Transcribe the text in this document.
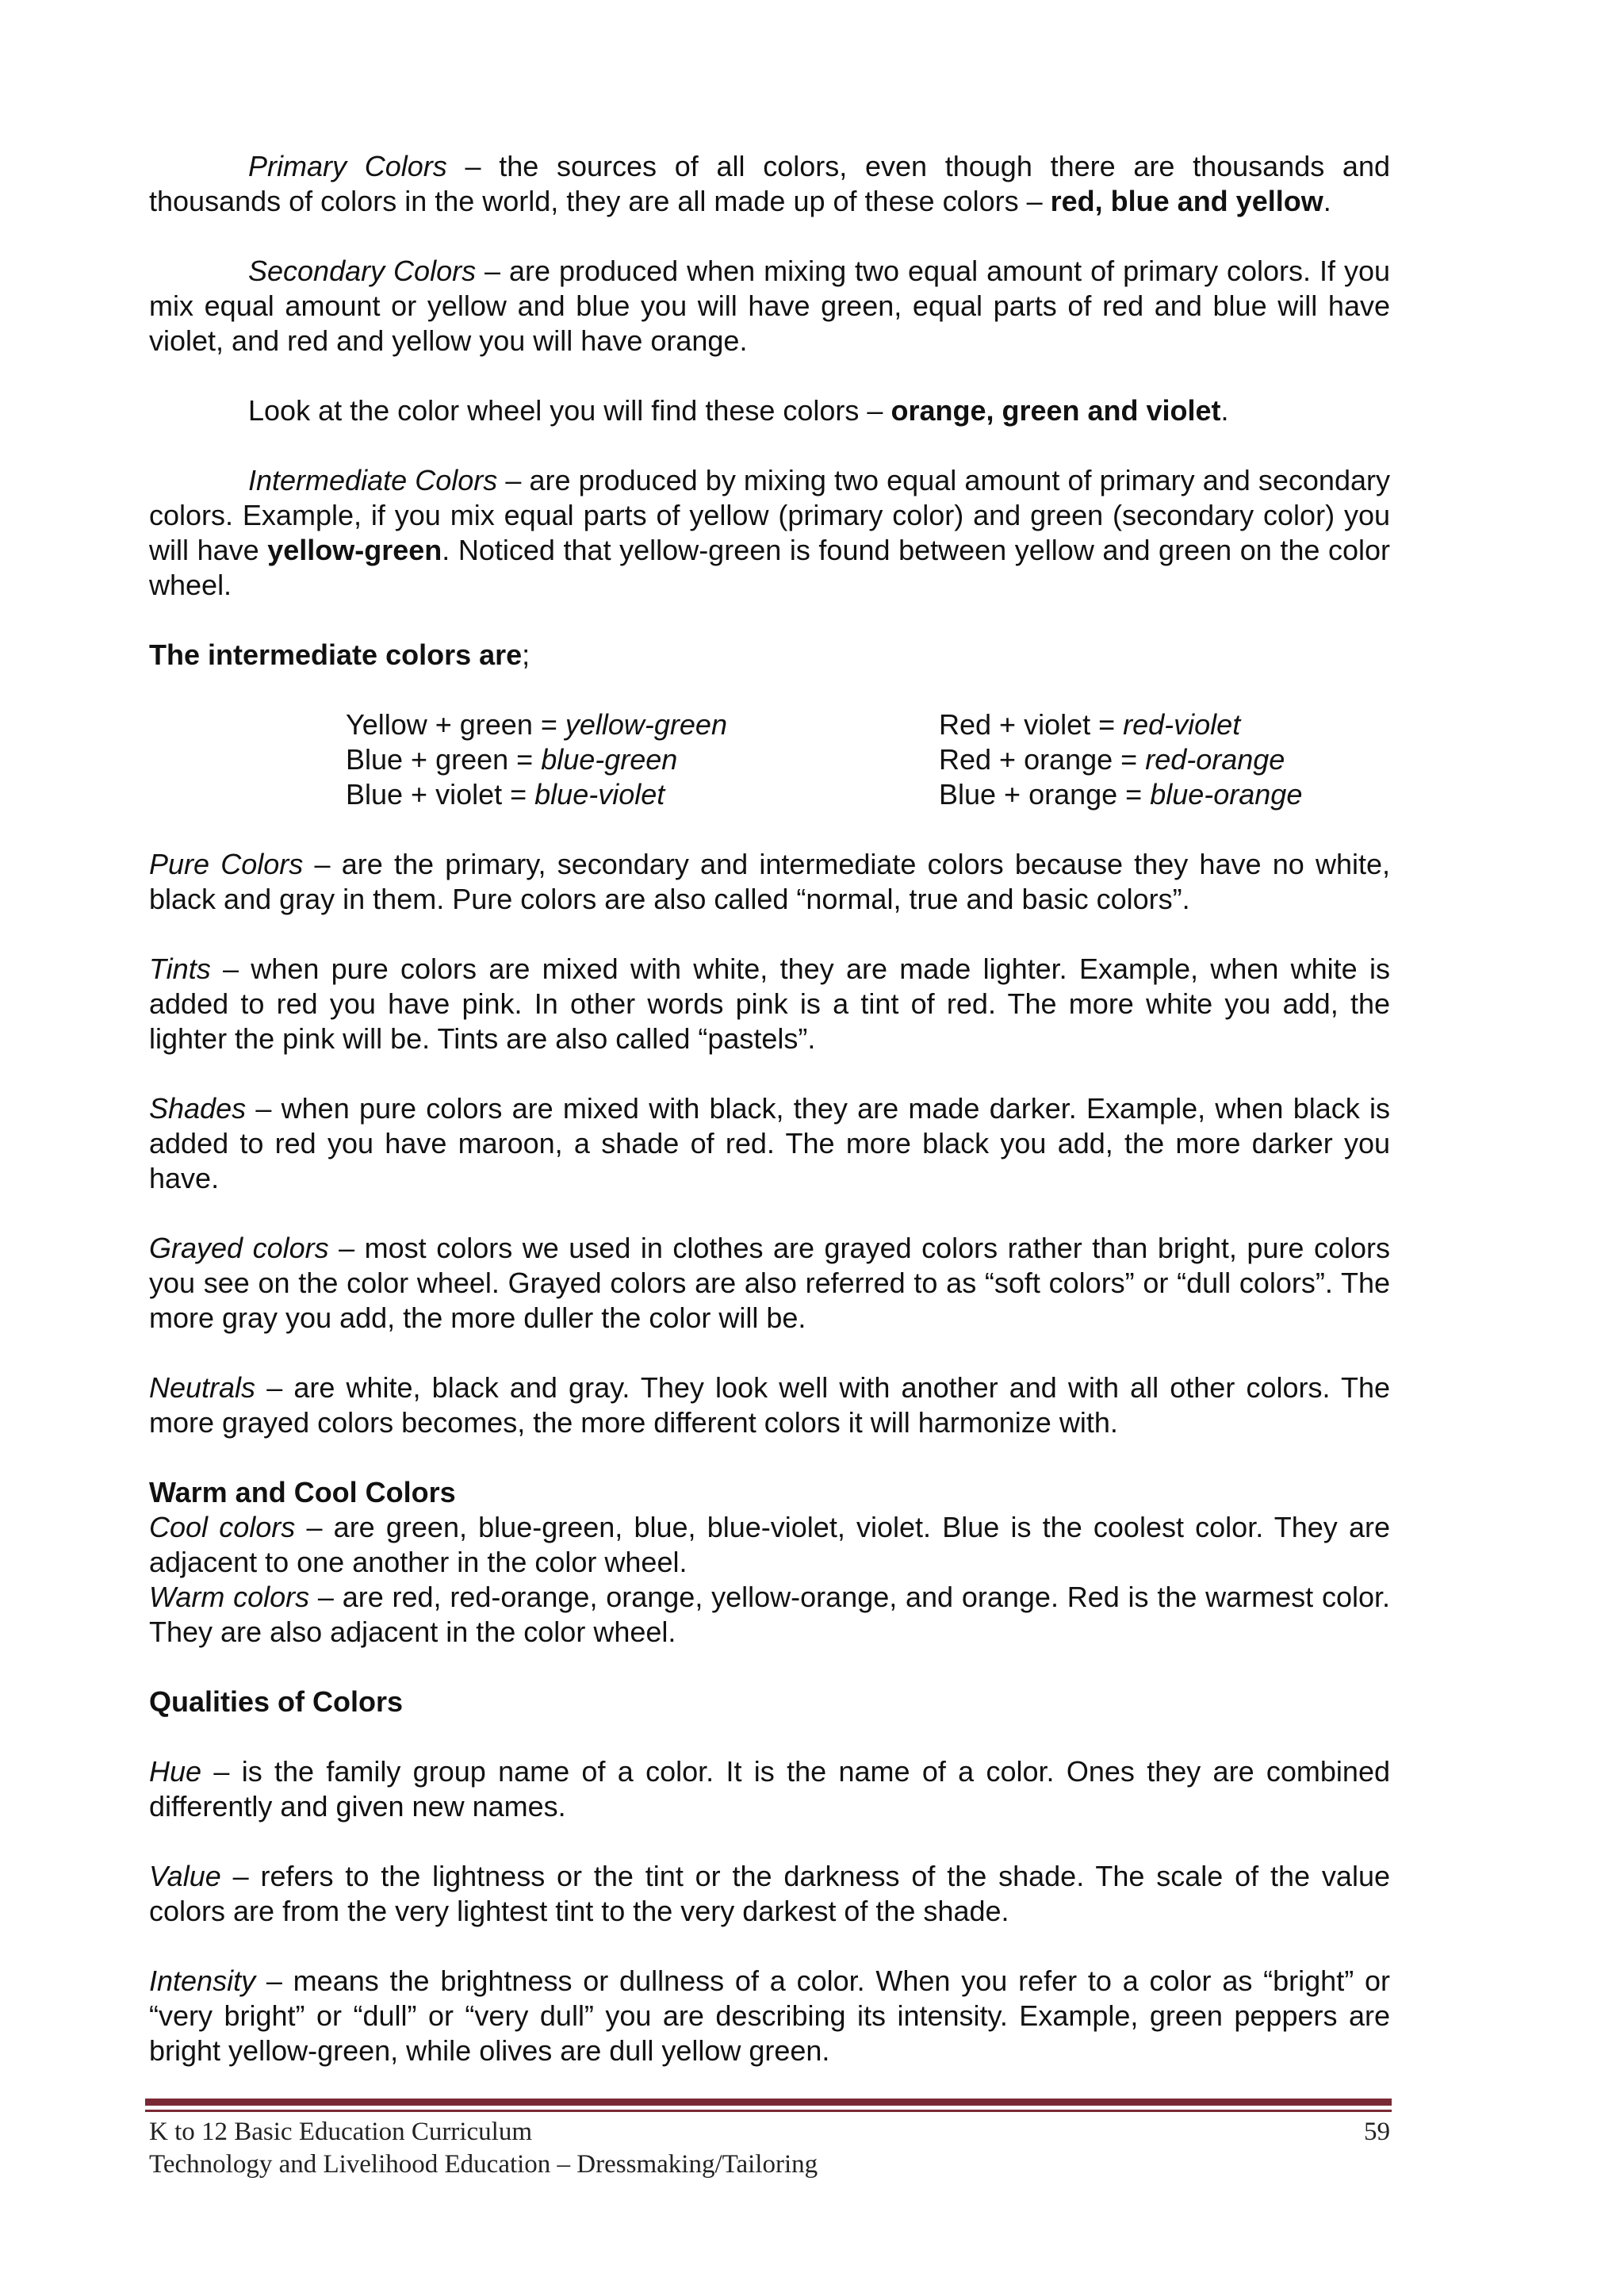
Primary Colors – the sources of all colors, even though there are thousands and thousands of colors in the world, they are all made up of these colors – red, blue and yellow.

Secondary Colors – are produced when mixing two equal amount of primary colors. If you mix equal amount or yellow and blue you will have green, equal parts of red and blue will have violet, and red and yellow you will have orange.

Look at the color wheel you will find these colors – orange, green and violet.

Intermediate Colors – are produced by mixing two equal amount of primary and secondary colors. Example, if you mix equal parts of yellow (primary color) and green (secondary color) you will have yellow-green. Noticed that yellow-green is found between yellow and green on the color wheel.

The intermediate colors are;

Yellow + green = yellow-green	Red + violet = red-violet
Blue + green = blue-green	Red + orange = red-orange
Blue + violet = blue-violet	Blue + orange = blue-orange

Pure Colors – are the primary, secondary and intermediate colors because they have no white, black and gray in them. Pure colors are also called “normal, true and basic colors”.

Tints – when pure colors are mixed with white, they are made lighter. Example, when white is added to red you have pink. In other words pink is a tint of red. The more white you add, the lighter the pink will be. Tints are also called “pastels”.

Shades – when pure colors are mixed with black, they are made darker. Example, when black is added to red you have maroon, a shade of red. The more black you add, the more darker you have.

Grayed colors – most colors we used in clothes are grayed colors rather than bright, pure colors you see on the color wheel. Grayed colors are also referred to as “soft colors” or “dull colors”. The more gray you add, the more duller the color will be.

Neutrals – are white, black and gray. They look well with another and with all other colors. The more grayed colors becomes, the more different colors it will harmonize with.

Warm and Cool Colors

Cool colors – are green, blue-green, blue, blue-violet, violet. Blue is the coolest color. They are adjacent to one another in the color wheel.

Warm colors – are red, red-orange, orange, yellow-orange, and orange. Red is the warmest color. They are also adjacent in the color wheel.

Qualities of Colors

Hue – is the family group name of a color. It is the name of a color. Ones they are combined differently and given new names.

Value – refers to the lightness or the tint or the darkness of the shade. The scale of the value colors are from the very lightest tint to the very darkest of the shade.

Intensity – means the brightness or dullness of a color. When you refer to a color as “bright” or “very bright” or “dull” or “very dull” you are describing its intensity. Example, green peppers are bright yellow-green, while olives are dull yellow green.

K to 12 Basic Education Curriculum	59
Technology and Livelihood Education – Dressmaking/Tailoring
